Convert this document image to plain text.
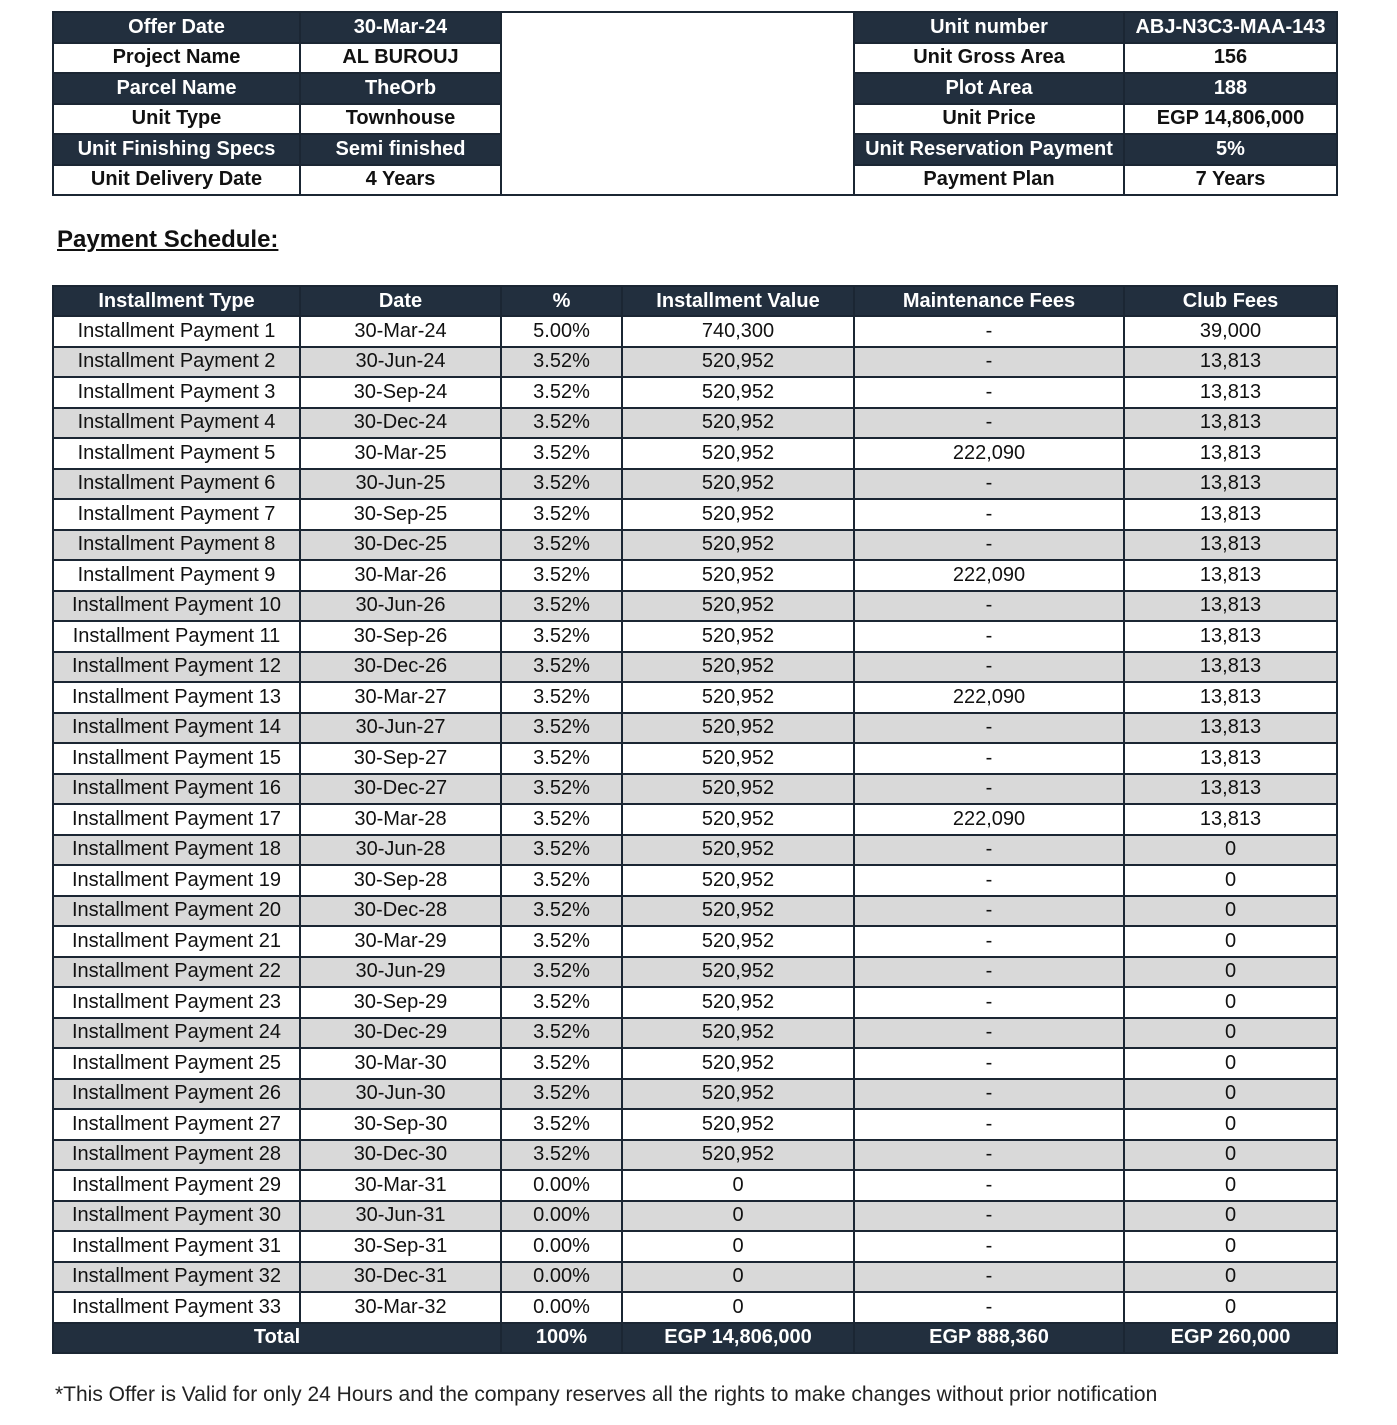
Offer Date	30-Mar-24		Unit number	ABJ-N3C3-MAA-143
Project Name	AL BUROUJ		Unit Gross Area	156
Parcel Name	TheOrb		Plot Area	188
Unit Type	Townhouse		Unit Price	EGP 14,806,000
Unit Finishing Specs	Semi finished		Unit Reservation Payment	5%
Unit Delivery Date	4 Years		Payment Plan	7 Years
Payment Schedule:
Installment Type	Date	%	Installment Value	Maintenance Fees	Club Fees
Installment Payment 1	30-Mar-24	5.00%	740,300	-	39,000
Installment Payment 2	30-Jun-24	3.52%	520,952	-	13,813
Installment Payment 3	30-Sep-24	3.52%	520,952	-	13,813
Installment Payment 4	30-Dec-24	3.52%	520,952	-	13,813
Installment Payment 5	30-Mar-25	3.52%	520,952	222,090	13,813
Installment Payment 6	30-Jun-25	3.52%	520,952	-	13,813
Installment Payment 7	30-Sep-25	3.52%	520,952	-	13,813
Installment Payment 8	30-Dec-25	3.52%	520,952	-	13,813
Installment Payment 9	30-Mar-26	3.52%	520,952	222,090	13,813
Installment Payment 10	30-Jun-26	3.52%	520,952	-	13,813
Installment Payment 11	30-Sep-26	3.52%	520,952	-	13,813
Installment Payment 12	30-Dec-26	3.52%	520,952	-	13,813
Installment Payment 13	30-Mar-27	3.52%	520,952	222,090	13,813
Installment Payment 14	30-Jun-27	3.52%	520,952	-	13,813
Installment Payment 15	30-Sep-27	3.52%	520,952	-	13,813
Installment Payment 16	30-Dec-27	3.52%	520,952	-	13,813
Installment Payment 17	30-Mar-28	3.52%	520,952	222,090	13,813
Installment Payment 18	30-Jun-28	3.52%	520,952	-	0
Installment Payment 19	30-Sep-28	3.52%	520,952	-	0
Installment Payment 20	30-Dec-28	3.52%	520,952	-	0
Installment Payment 21	30-Mar-29	3.52%	520,952	-	0
Installment Payment 22	30-Jun-29	3.52%	520,952	-	0
Installment Payment 23	30-Sep-29	3.52%	520,952	-	0
Installment Payment 24	30-Dec-29	3.52%	520,952	-	0
Installment Payment 25	30-Mar-30	3.52%	520,952	-	0
Installment Payment 26	30-Jun-30	3.52%	520,952	-	0
Installment Payment 27	30-Sep-30	3.52%	520,952	-	0
Installment Payment 28	30-Dec-30	3.52%	520,952	-	0
Installment Payment 29	30-Mar-31	0.00%	0	-	0
Installment Payment 30	30-Jun-31	0.00%	0	-	0
Installment Payment 31	30-Sep-31	0.00%	0	-	0
Installment Payment 32	30-Dec-31	0.00%	0	-	0
Installment Payment 33	30-Mar-32	0.00%	0	-	0
Total		100%	EGP 14,806,000	EGP 888,360	EGP 260,000
*This Offer is Valid for only 24 Hours and the company reserves all the rights to make changes without prior notification
